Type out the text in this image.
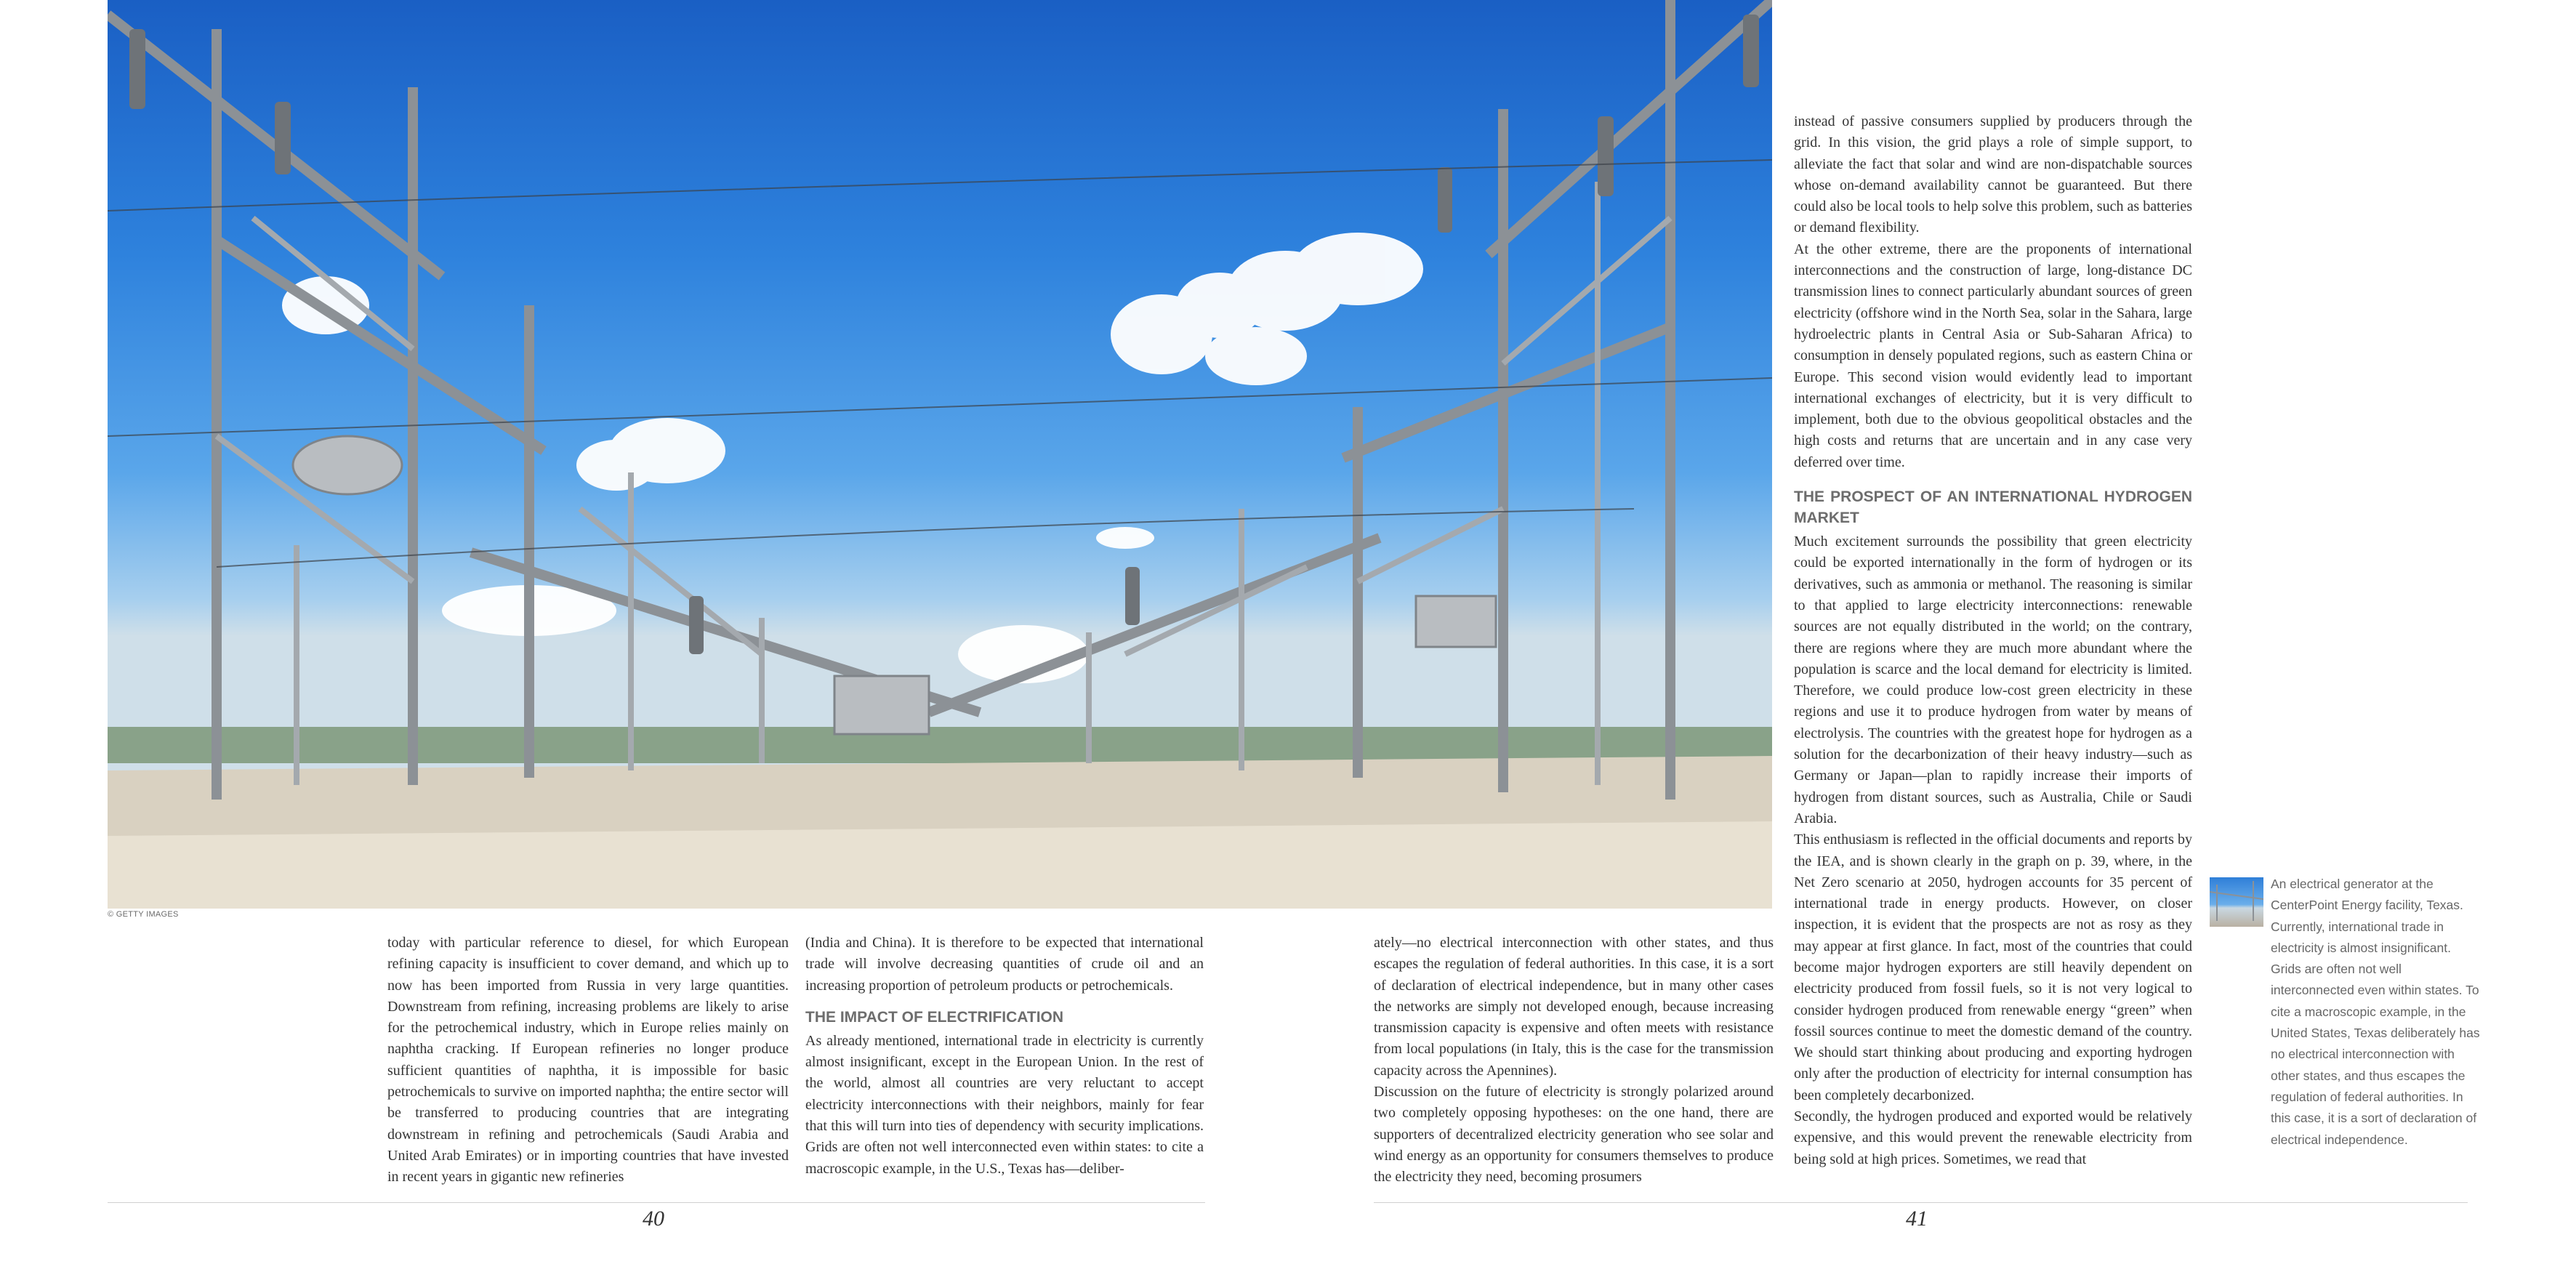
© GETTY IMAGES

today with particular reference to diesel, for which European refining capacity is insufficient to cover demand, and which up to now has been imported from Russia in very large quantities. Downstream from refining, increasing problems are likely to arise for the petrochemical industry, which in Europe relies mainly on naphtha cracking. If European refineries no longer produce sufficient quantities of naphtha, it is impossible for basic petrochemicals to survive on imported naphtha; the entire sector will be transferred to producing countries that are integrating downstream in refining and petrochemicals (Saudi Arabia and United Arab Emirates) or in importing countries that have invested in recent years in gigantic new refineries

(India and China). It is therefore to be expected that international trade will involve decreasing quantities of crude oil and an increasing proportion of petroleum products or petrochemicals.

THE IMPACT OF ELECTRIFICATION

As already mentioned, international trade in electricity is currently almost insignificant, except in the European Union. In the rest of the world, almost all countries are very reluctant to accept electricity interconnections with their neighbors, mainly for fear that this will turn into ties of dependency with security implications. Grids are often not well interconnected even within states: to cite a macroscopic example, in the U.S., Texas has—deliber-

40

ately—no electrical interconnection with other states, and thus escapes the regulation of federal authorities. In this case, it is a sort of declaration of electrical independence, but in many other cases the networks are simply not developed enough, because increasing transmission capacity is expensive and often meets with resistance from local populations (in Italy, this is the case for the transmission capacity across the Apennines).

Discussion on the future of electricity is strongly polarized around two completely opposing hypotheses: on the one hand, there are supporters of decentralized electricity generation who see solar and wind energy as an opportunity for consumers themselves to produce the electricity they need, becoming prosumers

instead of passive consumers supplied by producers through the grid. In this vision, the grid plays a role of simple support, to alleviate the fact that solar and wind are non-dispatchable sources whose on-demand availability cannot be guaranteed. But there could also be local tools to help solve this problem, such as batteries or demand flexibility.

At the other extreme, there are the proponents of international interconnections and the construction of large, long-distance DC transmission lines to connect particularly abundant sources of green electricity (offshore wind in the North Sea, solar in the Sahara, large hydroelectric plants in Central Asia or Sub-Saharan Africa) to consumption in densely populated regions, such as eastern China or Europe. This second vision would evidently lead to important international exchanges of electricity, but it is very difficult to implement, both due to the obvious geopolitical obstacles and the high costs and returns that are uncertain and in any case very deferred over time.

THE PROSPECT OF AN INTERNATIONAL HYDROGEN MARKET

Much excitement surrounds the possibility that green electricity could be exported internationally in the form of hydrogen or its derivatives, such as ammonia or methanol. The reasoning is similar to that applied to large electricity interconnections: renewable sources are not equally distributed in the world; on the contrary, there are regions where they are much more abundant where the population is scarce and the local demand for electricity is limited. Therefore, we could produce low-cost green electricity in these regions and use it to produce hydrogen from water by means of electrolysis. The countries with the greatest hope for hydrogen as a solution for the decarbonization of their heavy industry—such as Germany or Japan—plan to rapidly increase their imports of hydrogen from distant sources, such as Australia, Chile or Saudi Arabia.

This enthusiasm is reflected in the official documents and reports by the IEA, and is shown clearly in the graph on p. 39, where, in the Net Zero scenario at 2050, hydrogen accounts for 35 percent of international trade in energy products. However, on closer inspection, it is evident that the prospects are not as rosy as they may appear at first glance. In fact, most of the countries that could become major hydrogen exporters are still heavily dependent on electricity produced from fossil fuels, so it is not very logical to consider hydrogen produced from renewable energy “green” when fossil sources continue to meet the domestic demand of the country. We should start thinking about producing and exporting hydrogen only after the production of electricity for internal consumption has been completely decarbonized.

Secondly, the hydrogen produced and exported would be relatively expensive, and this would prevent the renewable electricity from being sold at high prices. Sometimes, we read that

An electrical generator at the CenterPoint Energy facility, Texas. Currently, international trade in electricity is almost insignificant. Grids are often not well interconnected even within states. To cite a macroscopic example, in the United States, Texas deliberately has no electrical interconnection with other states, and thus escapes the regulation of federal authorities. In this case, it is a sort of declaration of electrical independence.
41
